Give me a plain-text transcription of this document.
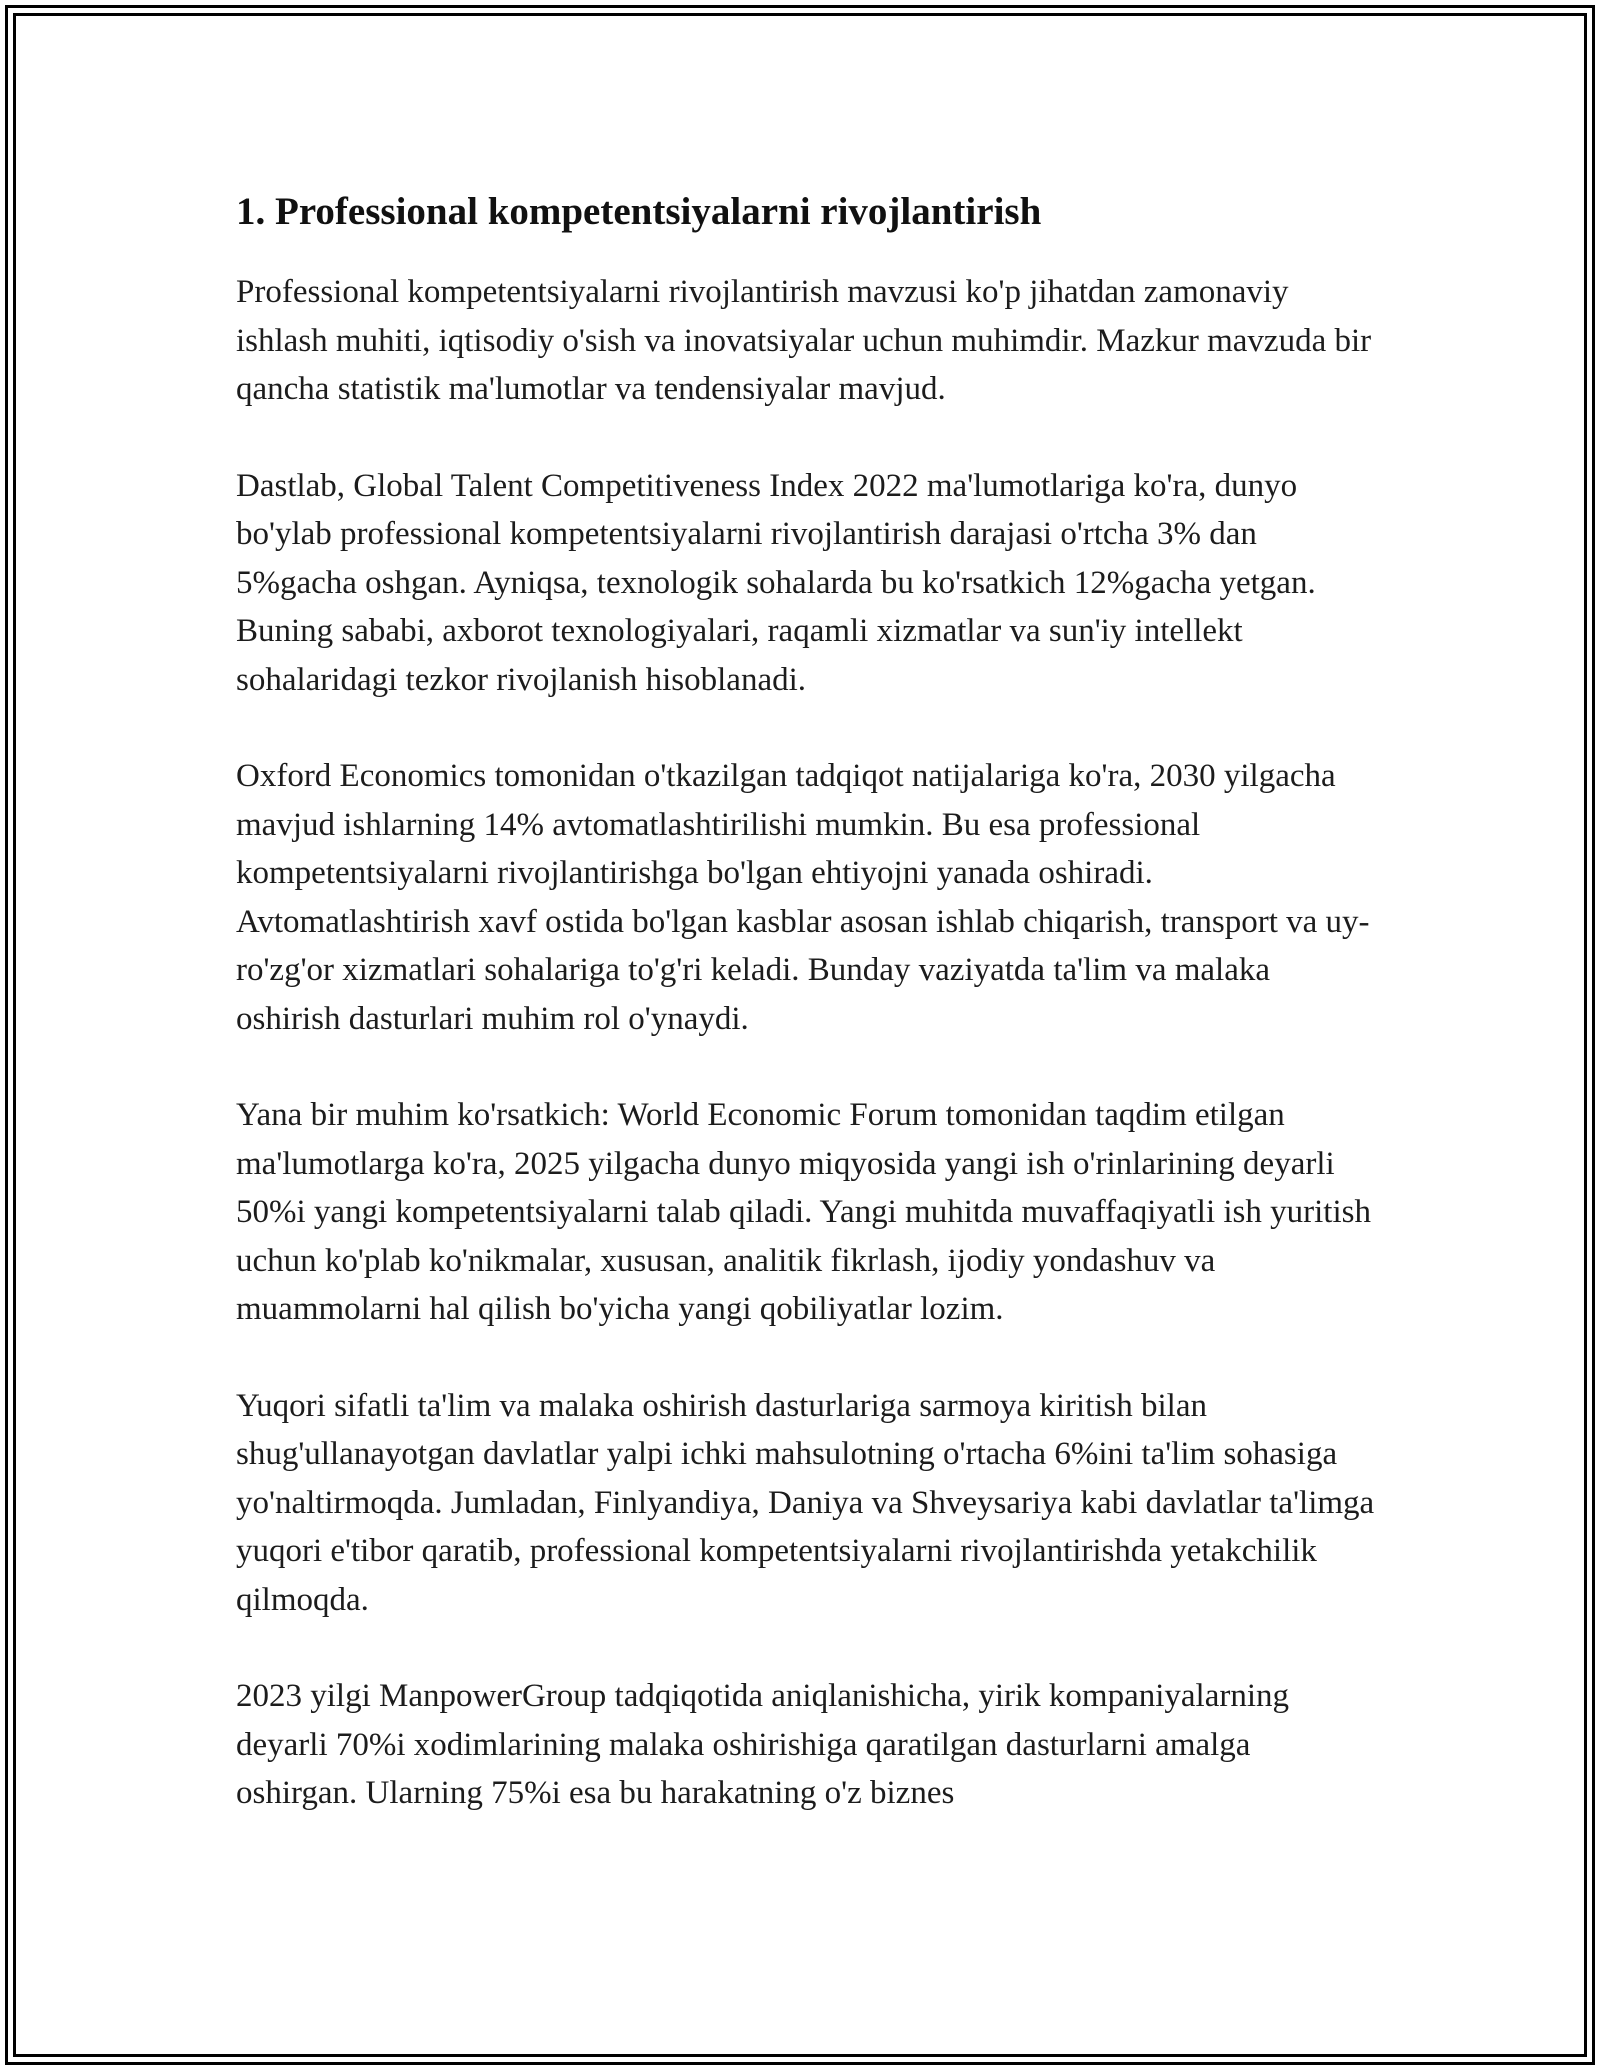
1. Professional kompetentsiyalarni rivojlantirish

Professional kompetentsiyalarni rivojlantirish mavzusi ko'p jihatdan zamonaviy ishlash muhiti, iqtisodiy o'sish va inovatsiyalar uchun muhimdir. Mazkur mavzuda bir qancha statistik ma'lumotlar va tendensiyalar mavjud.

Dastlab, Global Talent Competitiveness Index 2022 ma'lumotlariga ko'ra, dunyo bo'ylab professional kompetentsiyalarni rivojlantirish darajasi o'rtcha 3% dan 5%gacha oshgan. Ayniqsa, texnologik sohalarda bu ko'rsatkich 12%gacha yetgan. Buning sababi, axborot texnologiyalari, raqamli xizmatlar va sun'iy intellekt sohalaridagi tezkor rivojlanish hisoblanadi.

Oxford Economics tomonidan o'tkazilgan tadqiqot natijalariga ko'ra, 2030 yilgacha mavjud ishlarning 14% avtomatlashtirilishi mumkin. Bu esa professional kompetentsiyalarni rivojlantirishga bo'lgan ehtiyojni yanada oshiradi. Avtomatlashtirish xavf ostida bo'lgan kasblar asosan ishlab chiqarish, transport va uy-ro'zg'or xizmatlari sohalariga to'g'ri keladi. Bunday vaziyatda ta'lim va malaka oshirish dasturlari muhim rol o'ynaydi.

Yana bir muhim ko'rsatkich: World Economic Forum tomonidan taqdim etilgan ma'lumotlarga ko'ra, 2025 yilgacha dunyo miqyosida yangi ish o'rinlarining deyarli 50%i yangi kompetentsiyalarni talab qiladi. Yangi muhitda muvaffaqiyatli ish yuritish uchun ko'plab ko'nikmalar, xususan, analitik fikrlash, ijodiy yondashuv va muammolarni hal qilish bo'yicha yangi qobiliyatlar lozim.

Yuqori sifatli ta'lim va malaka oshirish dasturlariga sarmoya kiritish bilan shug'ullanayotgan davlatlar yalpi ichki mahsulotning o'rtacha 6%ini ta'lim sohasiga yo'naltirmoqda. Jumladan, Finlyandiya, Daniya va Shveysariya kabi davlatlar ta'limga yuqori e'tibor qaratib, professional kompetentsiyalarni rivojlantirishda yetakchilik qilmoqda.

2023 yilgi ManpowerGroup tadqiqotida aniqlanishicha, yirik kompaniyalarning deyarli 70%i xodimlarining malaka oshirishiga qaratilgan dasturlarni amalga oshirgan. Ularning 75%i esa bu harakatning o'z biznes
